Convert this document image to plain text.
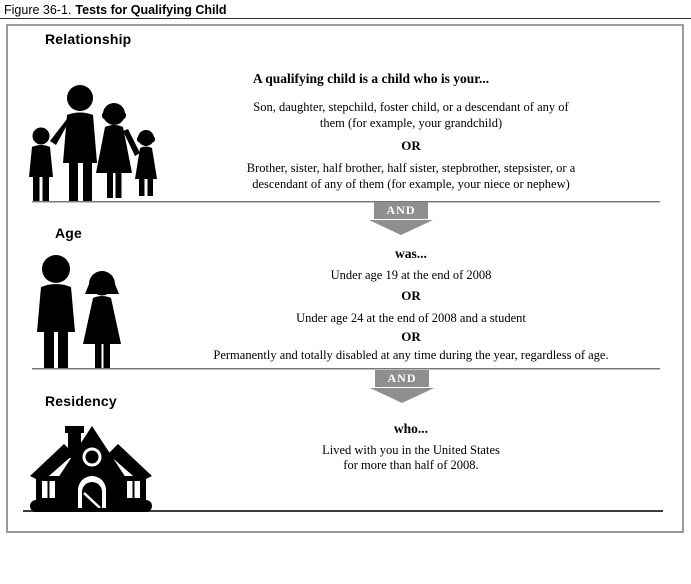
Figure 36-1. Tests for Qualifying Child
Relationship
A qualifying child is a child who is your...
Son, daughter, stepchild, foster child, or a descendant of any of them (for example, your grandchild)
OR
Brother, sister, half brother, half sister, stepbrother, stepsister, or a descendant of any of them (for example, your niece or nephew)
AND
Age
was...
Under age 19 at the end of 2008
OR
Under age 24 at the end of 2008 and a student
OR
Permanently and totally disabled at any time during the year, regardless of age.
AND
Residency
who...
Lived with you in the United States
for more than half of 2008.
